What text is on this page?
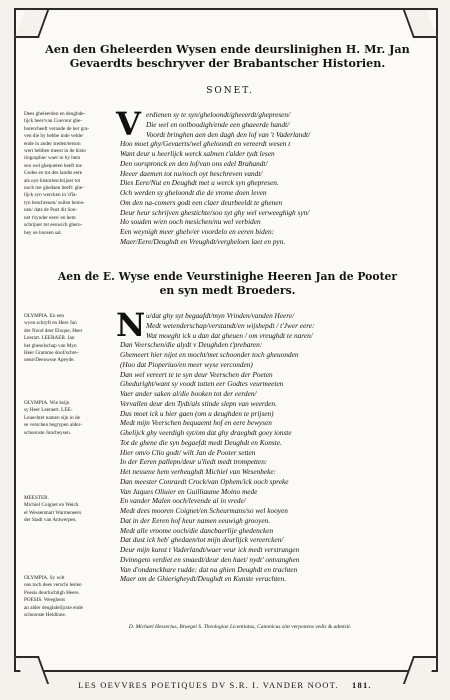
Aen den Gheleerden Wysen ende deurslinighen H. Mr. Jan
Gevaerdts beschryver der Brabantscher Historien.
SONET.
Dees gheleerden en deughde-
lijck heer/van Cuevour ghe-
boren/heeft veraude de ker gra-
ven die hy hebbe inde velde/
ende in ander steden/terson
wert hebben meest in de histo
riographie/ waer in hy hem
soo wel ghequeten heeft toe
Godes en tot des landts eere
als oye historieschrijuer tot
noch toe ghedaen heeft: ghe-
lijck syn wercken in 'd'la-
tyn beschreuen/ suilen betoo-
nen/ dats de Poet dit Son-
net t'synder eere/ en hem
schrijuer tot eeuwich gheru-
hey oe hoosen sal.
V erdienen sy te syn/gheloondt/gheeerdt/ghepresen/
Die wel en oolboodigh/ende een ghaeerde handt/
Voordt bringhen aen den dagh den lof van 't Vaderlandt/
Hoo moet ghy/Gevaerts/wel gheloondt en vereerdt wesen t
Want deur u heerlijck werck salmen t'alder tydt lesen
Den oorspronck en den lof/van ons edel Brabandt/
Heeer daemen tot nu/noch oyt beschreven vandt/
Dies Eere/Nut en Deughdt met u werck syn ghepresen.
Och werden sy gheloondt die de vrome doen leven
Om den na-comers godt een claer deurbeeldt te ghenen
Deur heur schrijven ghestichte/soo syt ghy wel verweeghigh syn/
Ho souden w/en ooch mesichen/nu wel verbiden
Een weynigh meer ghelv/er voordelo en eeren biden:
Maer/Eere/Deughdt en Vreughdt/vergheloen laet en pyn.
Aen de E. Wyse ende Veurstinighe Heeren Jan de Pooter
en syn medt Broeders.
OLYMPIA. En een
wyen schryft en Heer Jan
der Nood deer Eloque, Heer
Leerart. LEERAER. Jan
het gheselschap van Myn
Heer Gramme doof/schre-
uene/Deeuwsse Apeyde.
OLYMPIA. Wie ksijn
sy Heer Leeraert. LEE-
Leuechtet namen sijn in de
se verschen begrypen alder-
schoonste Joncbeysen.
MEESTER.
Michiel Coignet en Weich
el Wessenmart Warmeneers
der Stadt van Antwerpen.
OLYMPIA. Sy wilt
ons toch dees verschi leslen
Poesis deurluchtigh Heere.
POESIS. Weeghens
an alder deughdelijcste ende
schoonste Heldinne.
N u/dat ghy syt begaafdt/myn Vrinden/vanden Heere/
Medt wetenderschap/verstandt/en wijshepdt / t'Jwer eere:
Wat moeght ick u dan dat gheuen / om vreughdt te naren/
Dan Veerschen/die alydt v Deughden t'prebaren:
Ghemeert hier nijet en mocht/met schoonder toch gheuonden
(Hoo dat Pioperiuo/en meer wyse verconden)
Dan wel vereert te te syn deur Veerschen der Poeten
Gheduright/want sy voodt totten eer Godtes veurmeeten
Vaer ander saken al/die booken tot der eerden/
Vervallen deur den Tydt/als stinde slepn van weerden.
Dus moet ick u hier gaen (om u deughden te prijsen)
Medt mijn Veerschen bequaemt hof en eere bewysen
Ghelijck ghy veerdigh syt/om dat ghy draeghdt goey ionste
Tot de ghene die syn begaefdt medt Deughdt en Konste.
Hier om/o Clio godt/ wilt Jan de Pooter setten
In der Eeren pallepn/deur u'liedt medt trompetten:
Het nessene hem verheughdt Michiel van Wesenbeke:
Dan meester Conraedt Crock/van Ophem/ick ooch spreke
Van Jaques Oliuier en Guilliaume Moino mede
En vander Malen ooch/levende al in vrede/
Medt dees mooren Coignet/en Scheurmans/so wel kooyen
Dat in der Eeren hof heur namen eeuwigh grooyen.
Medt alle vroome ooch/die dancbaerlije ghedencken
Dat dust ick heb' ghedaen/tot mijn deurlijck vereercken/
Deur mijn kunst t Vaderlandt/waer veur ick medt verstrangen
Dvinngeto verdiet en smaedt/deur den haet/ nydt' ontvanghen
Van d'ondanckbare rudde: dat na ghien Deughdt en trachten
Maer om de Ghierigheydt/Deughdt en Kunste verachten.
D. Michael Hesserius, Bruegel S. Theologiae Licentiatus, Canonicus sint verponens vedis & admisit.
LES OEVVRES POETIQUES DV S.R. I. VANDER NOOT. 181.
